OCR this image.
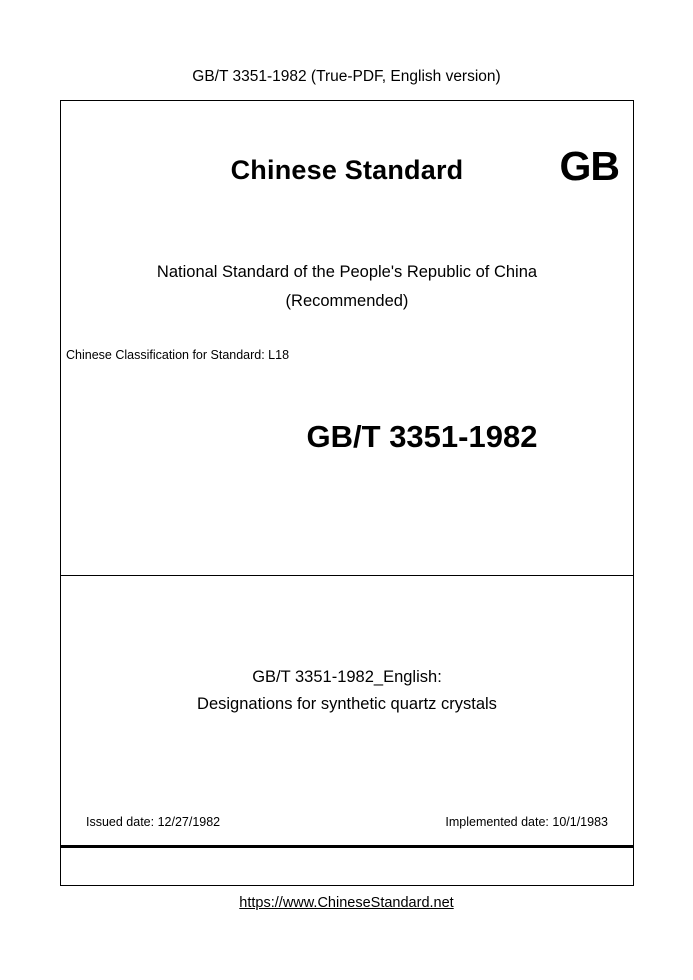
GB/T 3351-1982 (True-PDF, English version)
Chinese Standard	GB
National Standard of the People's Republic of China
(Recommended)
Chinese Classification for Standard: L18
GB/T 3351-1982
GB/T 3351-1982_English:
Designations for synthetic quartz crystals
Issued date: 12/27/1982	Implemented date: 10/1/1983
https://www.ChineseStandard.net
